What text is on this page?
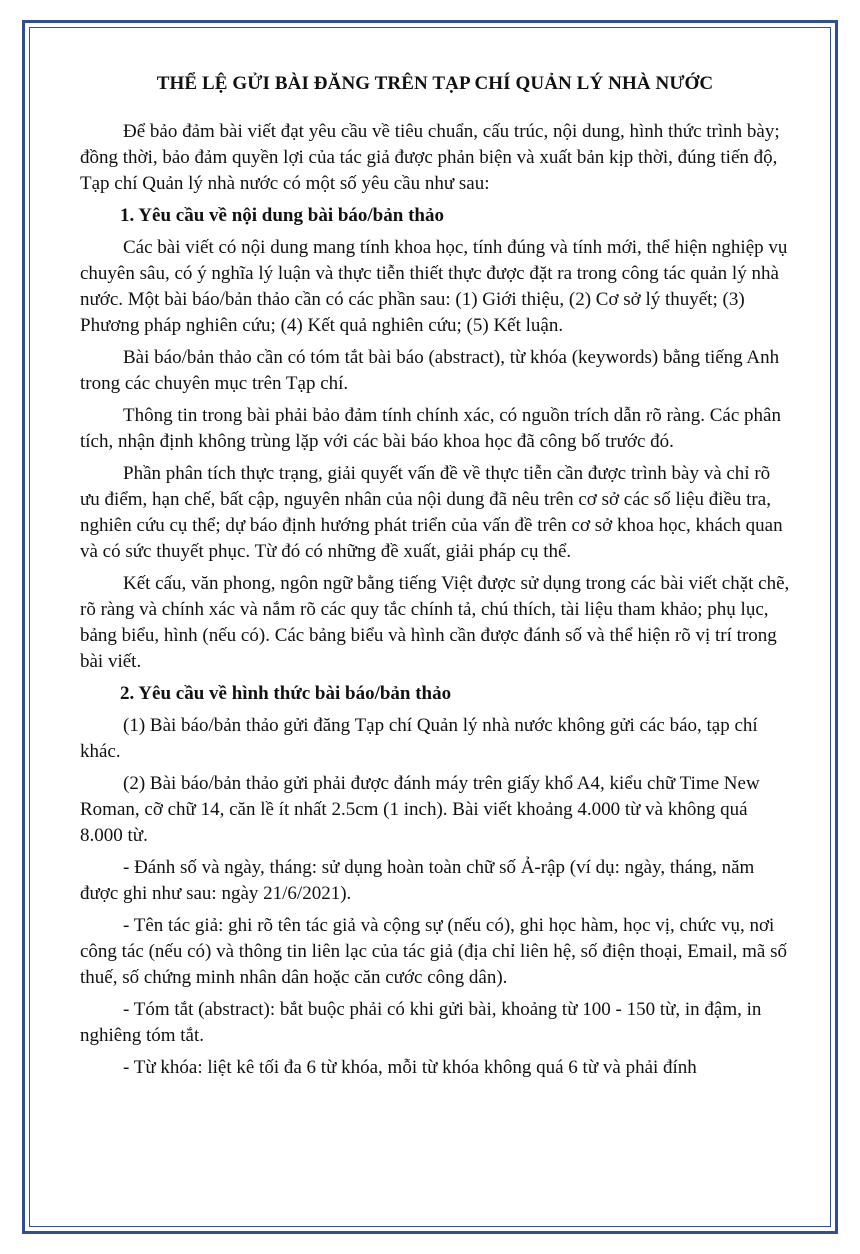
THỂ LỆ GỬI BÀI ĐĂNG TRÊN TẠP CHÍ QUẢN LÝ NHÀ NƯỚC

Để bảo đảm bài viết đạt yêu cầu về tiêu chuẩn, cấu trúc, nội dung, hình thức trình bày; đồng thời, bảo đảm quyền lợi của tác giả được phản biện và xuất bản kịp thời, đúng tiến độ, Tạp chí Quản lý nhà nước có một số yêu cầu như sau:

1. Yêu cầu về nội dung bài báo/bản thảo

Các bài viết có nội dung mang tính khoa học, tính đúng và tính mới, thể hiện nghiệp vụ chuyên sâu, có ý nghĩa lý luận và thực tiễn thiết thực được đặt ra trong công tác quản lý nhà nước. Một bài báo/bản thảo cần có các phần sau: (1) Giới thiệu, (2) Cơ sở lý thuyết; (3) Phương pháp nghiên cứu; (4) Kết quả nghiên cứu; (5) Kết luận.

Bài báo/bản thảo cần có tóm tắt bài báo (abstract), từ khóa (keywords) bằng tiếng Anh trong các chuyên mục trên Tạp chí.

Thông tin trong bài phải bảo đảm tính chính xác, có nguồn trích dẫn rõ ràng. Các phân tích, nhận định không trùng lặp với các bài báo khoa học đã công bố trước đó.

Phần phân tích thực trạng, giải quyết vấn đề về thực tiễn cần được trình bày và chỉ rõ ưu điểm, hạn chế, bất cập, nguyên nhân của nội dung đã nêu trên cơ sở các số liệu điều tra, nghiên cứu cụ thể; dự báo định hướng phát triển của vấn đề trên cơ sở khoa học, khách quan và có sức thuyết phục. Từ đó có những đề xuất, giải pháp cụ thể.

Kết cấu, văn phong, ngôn ngữ bằng tiếng Việt được sử dụng trong các bài viết chặt chẽ, rõ ràng và chính xác và nắm rõ các quy tắc chính tả, chú thích, tài liệu tham khảo; phụ lục, bảng biểu, hình (nếu có). Các bảng biểu và hình cần được đánh số và thể hiện rõ vị trí trong bài viết.

2. Yêu cầu về hình thức bài báo/bản thảo

(1) Bài báo/bản thảo gửi đăng Tạp chí Quản lý nhà nước không gửi các báo, tạp chí khác.

(2) Bài báo/bản thảo gửi phải được đánh máy trên giấy khổ A4, kiểu chữ Time New Roman, cỡ chữ 14, căn lề ít nhất 2.5cm (1 inch). Bài viết khoảng 4.000 từ và không quá 8.000 từ.

- Đánh số và ngày, tháng: sử dụng hoàn toàn chữ số Ả-rập (ví dụ: ngày, tháng, năm được ghi như sau: ngày 21/6/2021).

- Tên tác giả: ghi rõ tên tác giả và cộng sự (nếu có), ghi học hàm, học vị, chức vụ, nơi công tác (nếu có) và thông tin liên lạc của tác giả (địa chỉ liên hệ, số điện thoại, Email, mã số thuế, số chứng minh nhân dân hoặc căn cước công dân).

- Tóm tắt (abstract): bắt buộc phải có khi gửi bài, khoảng từ 100 - 150 từ, in đậm, in nghiêng tóm tắt.

- Từ khóa: liệt kê tối đa 6 từ khóa, mỗi từ khóa không quá 6 từ và phải đính
